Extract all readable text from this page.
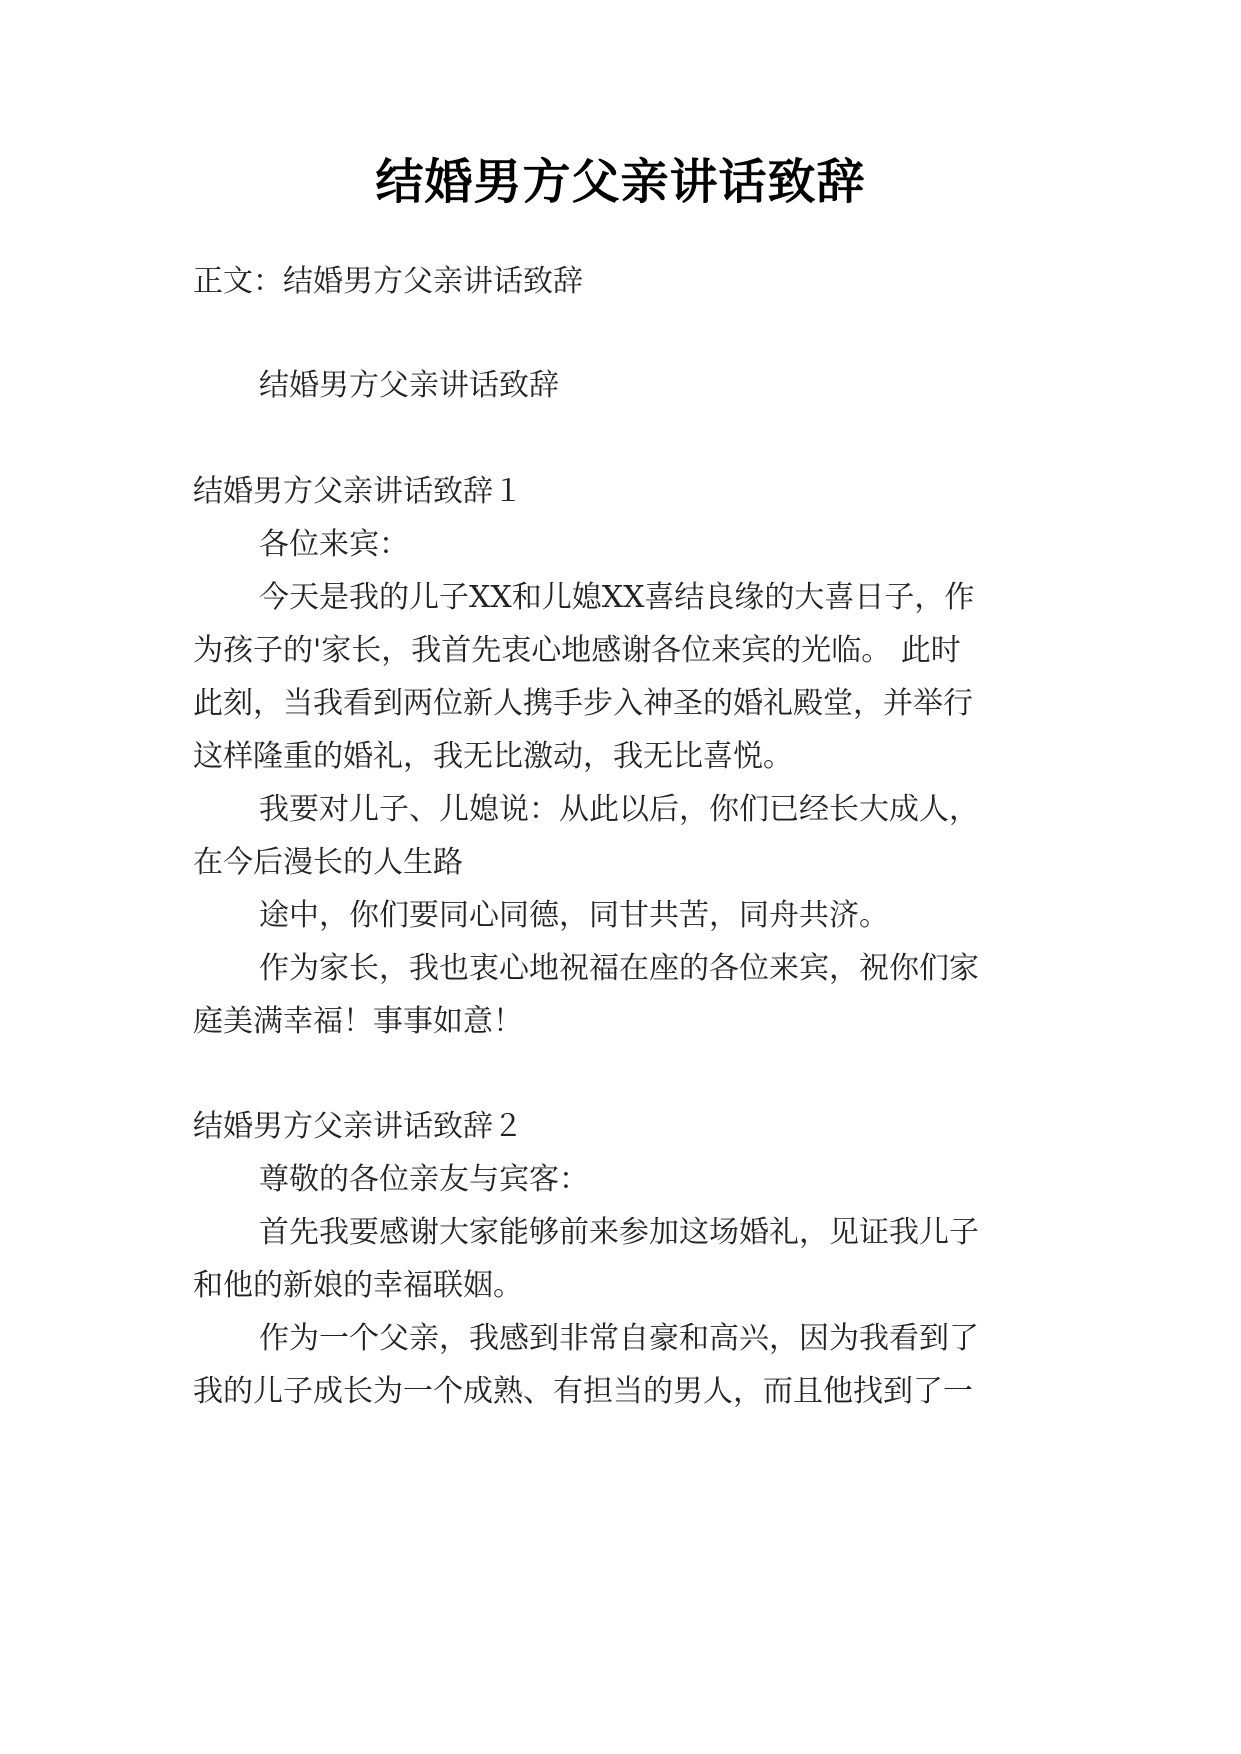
结婚男方父亲讲话致辞
正文：结婚男方父亲讲话致辞
结婚男方父亲讲话致辞
结婚男方父亲讲话致辞１
各位来宾：
今天是我的儿子XX和儿媳XX喜结良缘的大喜日子，作
为孩子的'家长，我首先衷心地感谢各位来宾的光临。 此时
此刻，当我看到两位新人携手步入神圣的婚礼殿堂，并举行
这样隆重的婚礼，我无比激动，我无比喜悦。
我要对儿子、儿媳说：从此以后，你们已经长大成人，
在今后漫长的人生路
途中，你们要同心同德，同甘共苦，同舟共济。
作为家长，我也衷心地祝福在座的各位来宾，祝你们家
庭美满幸福！事事如意！
结婚男方父亲讲话致辞２
尊敬的各位亲友与宾客：
首先我要感谢大家能够前来参加这场婚礼，见证我儿子
和他的新娘的幸福联姻。
作为一个父亲，我感到非常自豪和高兴，因为我看到了
我的儿子成长为一个成熟、有担当的男人，而且他找到了一
